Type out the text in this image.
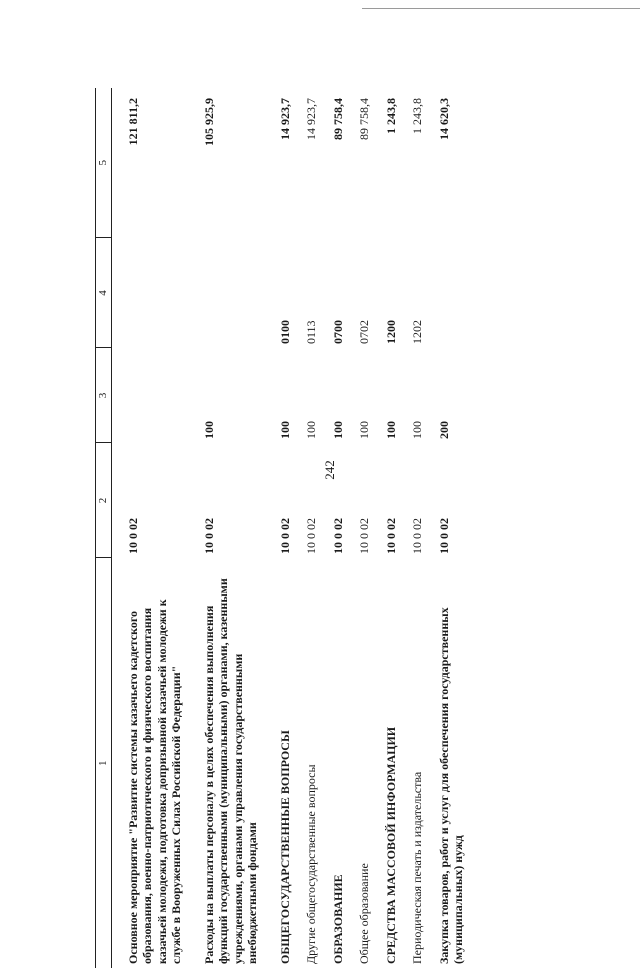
242
1	2	3	4	5
Основное мероприятие "Развитие системы казачьего кадетского образования, военно-патриотического и физического воспитания казачьей молодежи, подготовка допризывной казачьей молодежи к службе в Вооруженных Силах Российской Федерации"	10 0 02			121 811,2
Расходы на выплаты персоналу в целях обеспечения выполнения функций государственными (муниципальными) органами, казенными учреждениями, органами управления государственными внебюджетными фондами	10 0 02	100		105 925,9
ОБЩЕГОСУДАРСТВЕННЫЕ ВОПРОСЫ	10 0 02	100	0100	14 923,7
Другие общегосударственные вопросы	10 0 02	100	0113	14 923,7
ОБРАЗОВАНИЕ	10 0 02	100	0700	89 758,4
Общее образование	10 0 02	100	0702	89 758,4
СРЕДСТВА МАССОВОЙ ИНФОРМАЦИИ	10 0 02	100	1200	1 243,8
Периодическая печать и издательства	10 0 02	100	1202	1 243,8
Закупка товаров, работ и услуг для обеспечения государственных (муниципальных) нужд	10 0 02	200		14 620,3
